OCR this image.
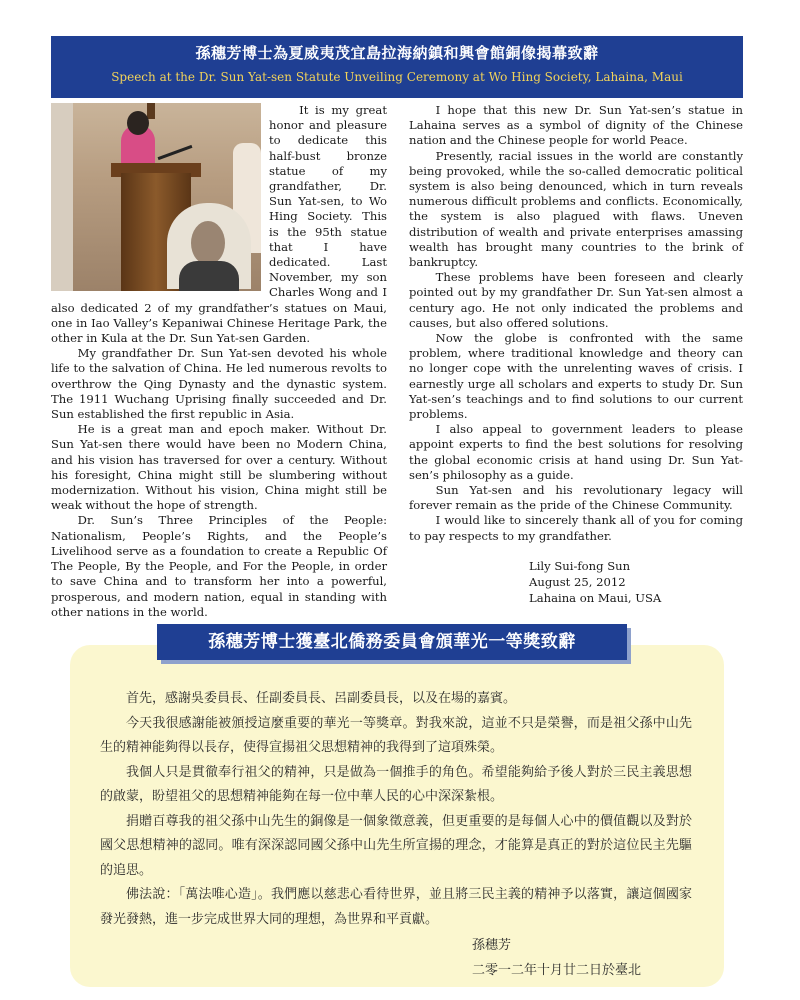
孫穗芳博士為夏威夷茂宜島拉海納鎮和興會館銅像揭幕致辭
Speech at the Dr. Sun Yat-sen Statute Unveiling Ceremony at Wo Hing Society, Lahaina, Maui

It is my great honor and pleasure to dedicate this half-bust bronze statue of my grandfather, Dr. Sun Yat-sen, to Wo Hing Society. This is the 95th statue that I have dedicated. Last November, my son Charles Wong and I also dedicated 2 of my grandfather’s statues on Maui, one in Iao Valley’s Kepaniwai Chinese Heritage Park, the other in Kula at the Dr. Sun Yat-sen Garden.

My grandfather Dr. Sun Yat-sen devoted his whole life to the salvation of China. He led numerous revolts to overthrow the Qing Dynasty and the dynastic system. The 1911 Wuchang Uprising finally succeeded and Dr. Sun established the first republic in Asia.

He is a great man and epoch maker. Without Dr. Sun Yat-sen there would have been no Modern China, and his vision has traversed for over a century. Without his foresight, China might still be slumbering without modernization. Without his vision, China might still be weak without the hope of strength.

Dr. Sun’s Three Principles of the People: Nationalism, People’s Rights, and the People’s Livelihood serve as a foundation to create a Republic Of The People, By the People, and For the People, in order to save China and to transform her into a powerful, prosperous, and modern nation, equal in standing with other nations in the world.

I hope that this new Dr. Sun Yat-sen’s statue in Lahaina serves as a symbol of dignity of the Chinese nation and the Chinese people for world Peace.

Presently, racial issues in the world are constantly being provoked, while the so-called democratic political system is also being denounced, which in turn reveals numerous difficult problems and conflicts. Economically, the system is also plagued with flaws. Uneven distribution of wealth and private enterprises amassing wealth has brought many countries to the brink of bankruptcy.

These problems have been foreseen and clearly pointed out by my grandfather Dr. Sun Yat-sen almost a century ago. He not only indicated the problems and causes, but also offered solutions.

Now the globe is confronted with the same problem, where traditional knowledge and theory can no longer cope with the unrelenting waves of crisis. I earnestly urge all scholars and experts to study Dr. Sun Yat-sen’s teachings and to find solutions to our current problems.

I also appeal to government leaders to please appoint experts to find the best solutions for resolving the global economic crisis at hand using Dr. Sun Yat-sen’s philosophy as a guide.

Sun Yat-sen and his revolutionary legacy will forever remain as the pride of the Chinese Community.

I would like to sincerely thank all of you for coming to pay respects to my grandfather.

Lily Sui-fong Sun
August 25, 2012
Lahaina on Maui, USA
孫穗芳博士獲臺北僑務委員會頒華光一等獎致辭

首先，感謝吳委員長、任副委員長、呂副委員長，以及在場的嘉賓。

今天我很感謝能被頒授這麼重要的華光一等獎章。對我來說，這並不只是榮譽，而是祖父孫中山先生的精神能夠得以長存，使得宣揚祖父思想精神的我得到了這項殊榮。

我個人只是貫徹奉行祖父的精神，只是做為一個推手的角色。希望能夠給予後人對於三民主義思想的啟蒙，盼望祖父的思想精神能夠在每一位中華人民的心中深深紮根。

捐贈百尊我的祖父孫中山先生的銅像是一個象徵意義，但更重要的是每個人心中的價值觀以及對於國父思想精神的認同。唯有深深認同國父孫中山先生所宣揚的理念，才能算是真正的對於這位民主先驅的追思。

佛法說：「萬法唯心造」。我們應以慈悲心看待世界，並且將三民主義的精神予以落實，讓這個國家發光發熱，進一步完成世界大同的理想，為世界和平貢獻。

孫穗芳
二零一二年十月廿二日於臺北
